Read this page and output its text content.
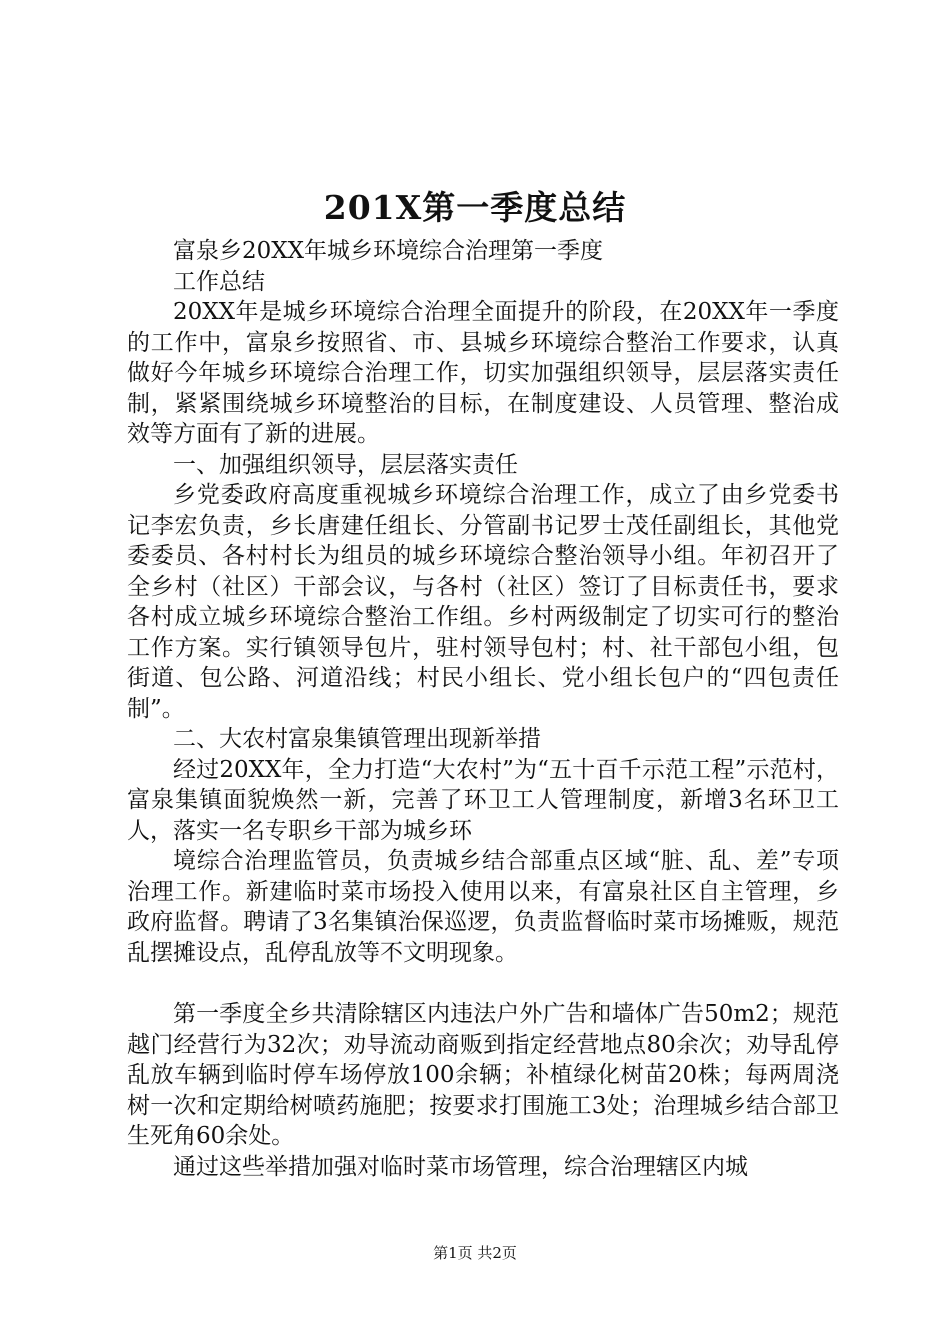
201X第一季度总结

富泉乡20XX年城乡环境综合治理第一季度

工作总结

20XX年是城乡环境综合治理全面提升的阶段，在20XX年一季度的工作中，富泉乡按照省、市、县城乡环境综合整治工作要求，认真做好今年城乡环境综合治理工作，切实加强组织领导，层层落实责任制，紧紧围绕城乡环境整治的目标，在制度建设、人员管理、整治成效等方面有了新的进展。

一、加强组织领导，层层落实责任

乡党委政府高度重视城乡环境综合治理工作，成立了由乡党委书记李宏负责，乡长唐建任组长、分管副书记罗士茂任副组长，其他党委委员、各村村长为组员的城乡环境综合整治领导小组。年初召开了全乡村（社区）干部会议，与各村（社区）签订了目标责任书，要求各村成立城乡环境综合整治工作组。乡村两级制定了切实可行的整治工作方案。实行镇领导包片，驻村领导包村；村、社干部包小组，包街道、包公路、河道沿线；村民小组长、党小组长包户的“四包责任制”。

二、大农村富泉集镇管理出现新举措

经过20XX年，全力打造“大农村”为“五十百千示范工程”示范村，富泉集镇面貌焕然一新，完善了环卫工人管理制度，新增3名环卫工人，落实一名专职乡干部为城乡环

境综合治理监管员，负责城乡结合部重点区域“脏、乱、差”专项治理工作。新建临时菜市场投入使用以来，有富泉社区自主管理，乡政府监督。聘请了3名集镇治保巡逻，负责监督临时菜市场摊贩，规范乱摆摊设点，乱停乱放等不文明现象。

第一季度全乡共清除辖区内违法户外广告和墙体广告50m2；规范越门经营行为32次；劝导流动商贩到指定经营地点80余次；劝导乱停乱放车辆到临时停车场停放100余辆；补植绿化树苗20株；每两周浇树一次和定期给树喷药施肥；按要求打围施工3处；治理城乡结合部卫生死角60余处。

通过这些举措加强对临时菜市场管理，综合治理辖区内城

第1页 共2页
